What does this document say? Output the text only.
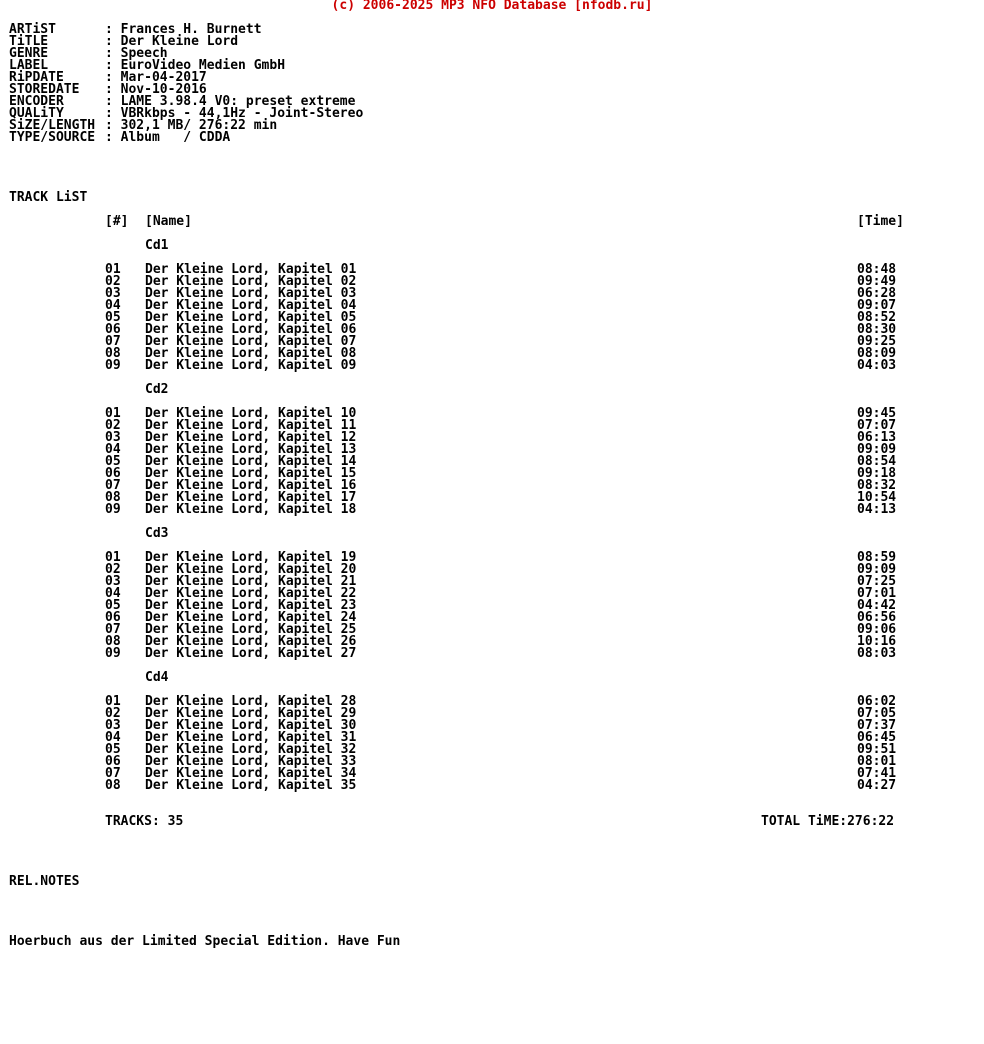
(c) 2006-2025 MP3 NFO Database [nfodb.ru]
ARTiST	: Frances H. Burnett
TiTLE	: Der Kleine Lord
GENRE	: Speech
LABEL	: EuroVideo Medien GmbH
RiPDATE	: Mar-04-2017
STOREDATE : Nov-10-2016
ENCODER	: LAME 3.98.4 V0: preset extreme
QUALiTY	: VBRkbps - 44,1Hz - Joint-Stereo
SiZE/LENGTH : 302,1 MB/ 276:22 min
TYPE/SOURCE : Album   / CDDA
TRACK LiST
[#] [Name]	[Time]
Cd1
01 Der Kleine Lord, Kapitel 01	08:48
02 Der Kleine Lord, Kapitel 02	09:49
03 Der Kleine Lord, Kapitel 03	06:28
04 Der Kleine Lord, Kapitel 04	09:07
05 Der Kleine Lord, Kapitel 05	08:52
06 Der Kleine Lord, Kapitel 06	08:30
07 Der Kleine Lord, Kapitel 07	09:25
08 Der Kleine Lord, Kapitel 08	08:09
09 Der Kleine Lord, Kapitel 09	04:03
Cd2
01 Der Kleine Lord, Kapitel 10	09:45
02 Der Kleine Lord, Kapitel 11	07:07
03 Der Kleine Lord, Kapitel 12	06:13
04 Der Kleine Lord, Kapitel 13	09:09
05 Der Kleine Lord, Kapitel 14	08:54
06 Der Kleine Lord, Kapitel 15	09:18
07 Der Kleine Lord, Kapitel 16	08:32
08 Der Kleine Lord, Kapitel 17	10:54
09 Der Kleine Lord, Kapitel 18	04:13
Cd3
01 Der Kleine Lord, Kapitel 19	08:59
02 Der Kleine Lord, Kapitel 20	09:09
03 Der Kleine Lord, Kapitel 21	07:25
04 Der Kleine Lord, Kapitel 22	07:01
05 Der Kleine Lord, Kapitel 23	04:42
06 Der Kleine Lord, Kapitel 24	06:56
07 Der Kleine Lord, Kapitel 25	09:06
08 Der Kleine Lord, Kapitel 26	10:16
09 Der Kleine Lord, Kapitel 27	08:03
Cd4
01 Der Kleine Lord, Kapitel 28	06:02
02 Der Kleine Lord, Kapitel 29	07:05
03 Der Kleine Lord, Kapitel 30	07:37
04 Der Kleine Lord, Kapitel 31	06:45
05 Der Kleine Lord, Kapitel 32	09:51
06 Der Kleine Lord, Kapitel 33	08:01
07 Der Kleine Lord, Kapitel 34	07:41
08 Der Kleine Lord, Kapitel 35	04:27
TRACKS: 35	TOTAL TiME:276:22
REL.NOTES
Hoerbuch aus der Limited Special Edition. Have Fun
